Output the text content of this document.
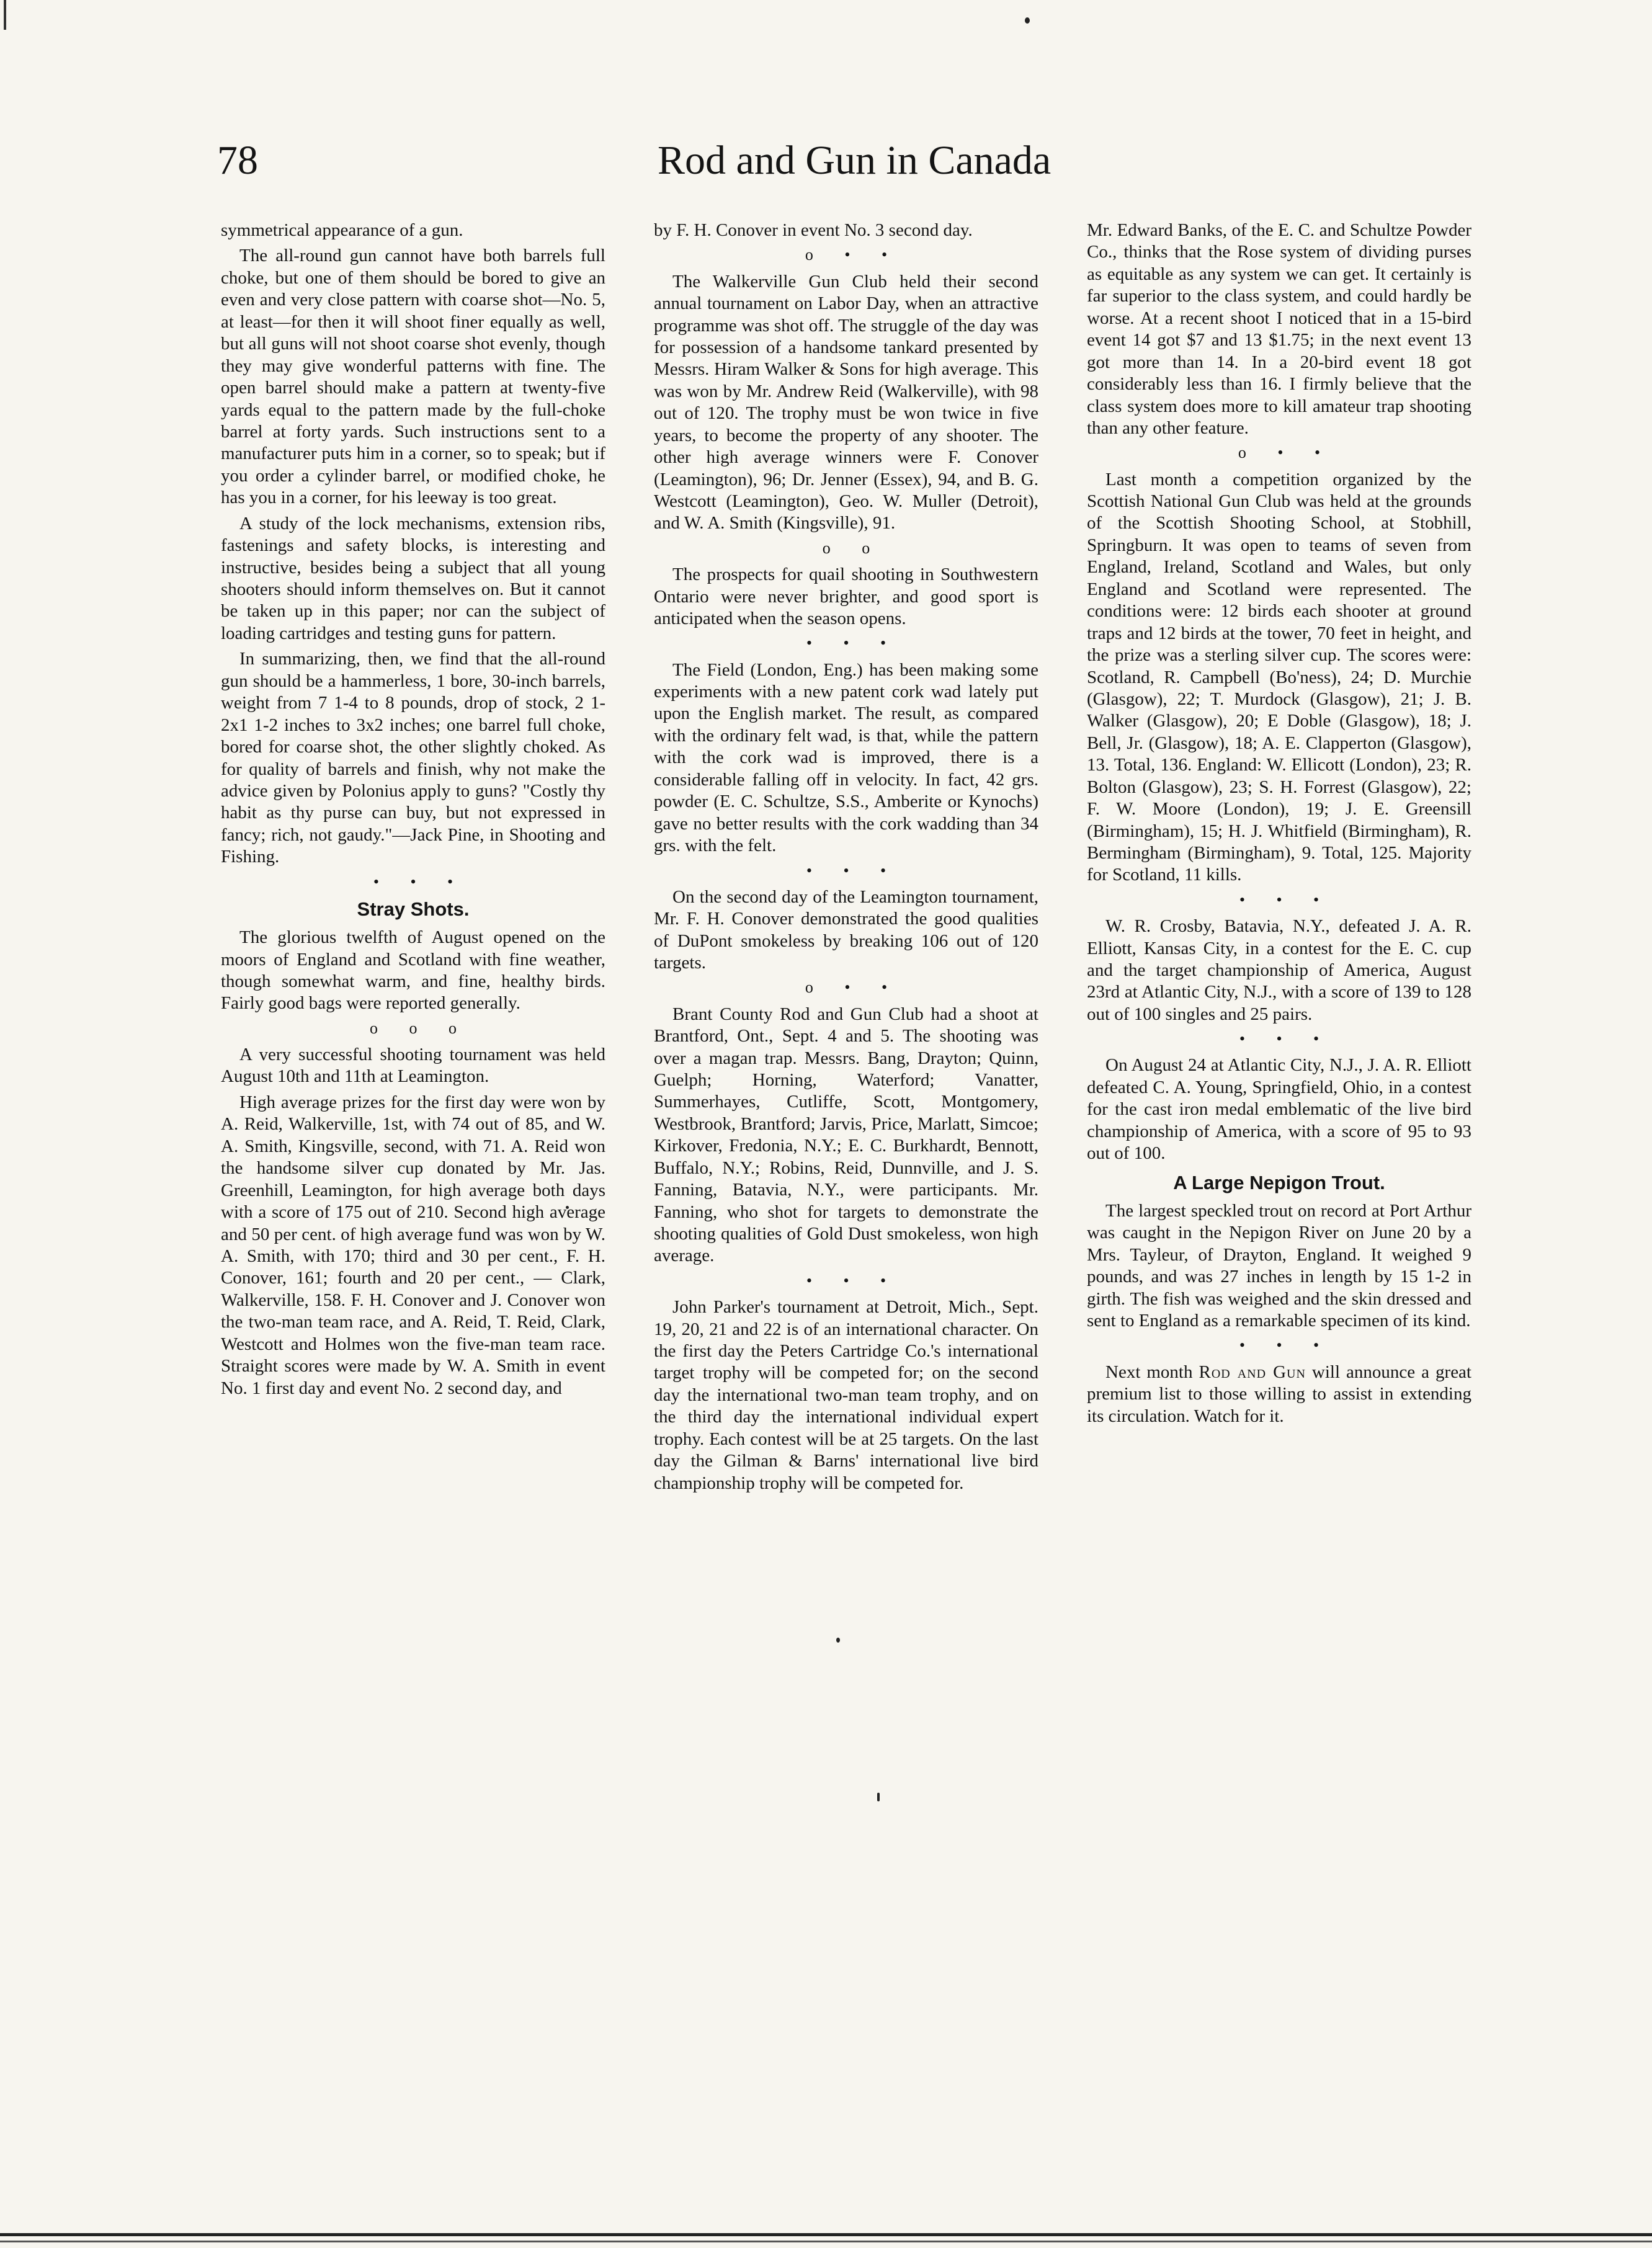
78	Rod and Gun in Canada

symmetrical appearance of a gun.

The all-round gun cannot have both barrels full choke, but one of them should be bored to give an even and very close pattern with coarse shot—No. 5, at least—for then it will shoot finer equally as well, but all guns will not shoot coarse shot evenly, though they may give wonderful patterns with fine. The open barrel should make a pattern at twenty-five yards equal to the pattern made by the full-choke barrel at forty yards. Such instructions sent to a manufacturer puts him in a corner, so to speak; but if you order a cylinder barrel, or modified choke, he has you in a corner, for his leeway is too great.

A study of the lock mechanisms, extension ribs, fastenings and safety blocks, is interesting and instructive, besides being a subject that all young shooters should inform themselves on. But it cannot be taken up in this paper; nor can the subject of loading cartridges and testing guns for pattern.

In summarizing, then, we find that the all-round gun should be a hammerless, 1 bore, 30-inch barrels, weight from 7 1-4 to 8 pounds, drop of stock, 2 1-2x1 1-2 inches to 3x2 inches; one barrel full choke, bored for coarse shot, the other slightly choked. As for quality of barrels and finish, why not make the advice given by Polonius apply to guns? "Costly thy habit as thy purse can buy, but not expressed in fancy; rich, not gaudy."—Jack Pine, in Shooting and Fishing.

• • •
Stray Shots.

The glorious twelfth of August opened on the moors of England and Scotland with fine weather, though somewhat warm, and fine, healthy birds. Fairly good bags were reported generally.

o o o

A very successful shooting tournament was held August 10th and 11th at Leamington.

High average prizes for the first day were won by A. Reid, Walkerville, 1st, with 74 out of 85, and W. A. Smith, Kingsville, second, with 71. A. Reid won the handsome silver cup donated by Mr. Jas. Greenhill, Leamington, for high average both days with a score of 175 out of 210. Second high average and 50 per cent. of high average fund was won by W. A. Smith, with 170; third and 30 per cent., F. H. Conover, 161; fourth and 20 per cent., — Clark, Walkerville, 158. F. H. Conover and J. Conover won the two-man team race, and A. Reid, T. Reid, Clark, Westcott and Holmes won the five-man team race. Straight scores were made by W. A. Smith in event No. 1 first day and event No. 2 second day, and

by F. H. Conover in event No. 3 second day.

o • •

The Walkerville Gun Club held their second annual tournament on Labor Day, when an attractive programme was shot off. The struggle of the day was for possession of a handsome tankard presented by Messrs. Hiram Walker & Sons for high average. This was won by Mr. Andrew Reid (Walkerville), with 98 out of 120. The trophy must be won twice in five years, to become the property of any shooter. The other high average winners were F. Conover (Leamington), 96; Dr. Jenner (Essex), 94, and B. G. Westcott (Leamington), Geo. W. Muller (Detroit), and W. A. Smith (Kingsville), 91.

o o

The prospects for quail shooting in Southwestern Ontario were never brighter, and good sport is anticipated when the season opens.

• • •

The Field (London, Eng.) has been making some experiments with a new patent cork wad lately put upon the English market. The result, as compared with the ordinary felt wad, is that, while the pattern with the cork wad is improved, there is a considerable falling off in velocity. In fact, 42 grs. powder (E. C. Schultze, S.S., Amberite or Kynochs) gave no better results with the cork wadding than 34 grs. with the felt.

• • •

On the second day of the Leamington tournament, Mr. F. H. Conover demonstrated the good qualities of DuPont smokeless by breaking 106 out of 120 targets.

o • •

Brant County Rod and Gun Club had a shoot at Brantford, Ont., Sept. 4 and 5. The shooting was over a magan trap. Messrs. Bang, Drayton; Quinn, Guelph; Horning, Waterford; Vanatter, Summerhayes, Cutliffe, Scott, Montgomery, Westbrook, Brantford; Jarvis, Price, Marlatt, Simcoe; Kirkover, Fredonia, N.Y.; E. C. Burkhardt, Bennott, Buffalo, N.Y.; Robins, Reid, Dunnville, and J. S. Fanning, Batavia, N.Y., were participants. Mr. Fanning, who shot for targets to demonstrate the shooting qualities of Gold Dust smokeless, won high average.

• • •

John Parker's tournament at Detroit, Mich., Sept. 19, 20, 21 and 22 is of an international character. On the first day the Peters Cartridge Co.'s international target trophy will be competed for; on the second day the international two-man team trophy, and on the third day the international individual expert trophy. Each contest will be at 25 targets. On the last day the Gilman & Barns' international live bird championship trophy will be competed for.

Mr. Edward Banks, of the E. C. and Schultze Powder Co., thinks that the Rose system of dividing purses as equitable as any system we can get. It certainly is far superior to the class system, and could hardly be worse. At a recent shoot I noticed that in a 15-bird event 14 got $7 and 13 $1.75; in the next event 13 got more than 14. In a 20-bird event 18 got considerably less than 16. I firmly believe that the class system does more to kill amateur trap shooting than any other feature.

o • •

Last month a competition organized by the Scottish National Gun Club was held at the grounds of the Scottish Shooting School, at Stobhill, Springburn. It was open to teams of seven from England, Ireland, Scotland and Wales, but only England and Scotland were represented. The conditions were: 12 birds each shooter at ground traps and 12 birds at the tower, 70 feet in height, and the prize was a sterling silver cup. The scores were: Scotland, R. Campbell (Bo'ness), 24; D. Murchie (Glasgow), 22; T. Murdock (Glasgow), 21; J. B. Walker (Glasgow), 20; E Doble (Glasgow), 18; J. Bell, Jr. (Glasgow), 18; A. E. Clapperton (Glasgow), 13. Total, 136. England: W. Ellicott (London), 23; R. Bolton (Glasgow), 23; S. H. Forrest (Glasgow), 22; F. W. Moore (London), 19; J. E. Greensill (Birmingham), 15; H. J. Whitfield (Birmingham), R. Bermingham (Birmingham), 9. Total, 125. Majority for Scotland, 11 kills.

• • •

W. R. Crosby, Batavia, N.Y., defeated J. A. R. Elliott, Kansas City, in a contest for the E. C. cup and the target championship of America, August 23rd at Atlantic City, N.J., with a score of 139 to 128 out of 100 singles and 25 pairs.

• • •

On August 24 at Atlantic City, N.J., J. A. R. Elliott defeated C. A. Young, Springfield, Ohio, in a contest for the cast iron medal emblematic of the live bird championship of America, with a score of 95 to 93 out of 100.

A Large Nepigon Trout.

The largest speckled trout on record at Port Arthur was caught in the Nepigon River on June 20 by a Mrs. Tayleur, of Drayton, England. It weighed 9 pounds, and was 27 inches in length by 15 1-2 in girth. The fish was weighed and the skin dressed and sent to England as a remarkable specimen of its kind.

• • •

Next month Rod and Gun will announce a great premium list to those willing to assist in extending its circulation. Watch for it.
